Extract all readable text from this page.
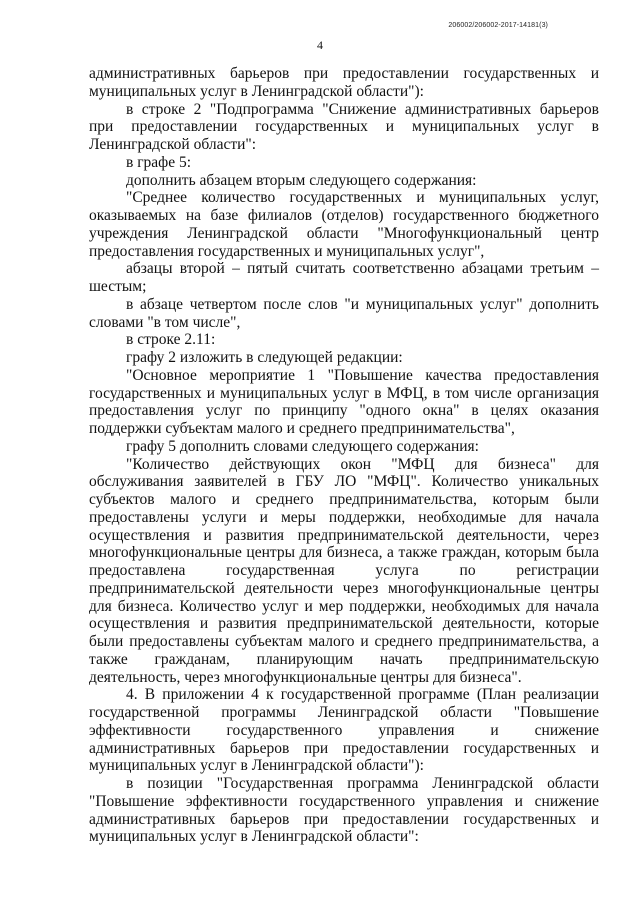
206002/206002-2017-14181(3)
4

административных барьеров при предоставлении государственных и муниципальных услуг в Ленинградской области"):

в строке 2 "Подпрограмма "Снижение административных барьеров при предоставлении государственных и муниципальных услуг в Ленинградской области":

в графе 5:

дополнить абзацем вторым следующего содержания:

"Среднее количество государственных и муниципальных услуг, оказываемых на базе филиалов (отделов) государственного бюджетного учреждения Ленинградской области "Многофункциональный центр предоставления государственных и муниципальных услуг",

абзацы второй – пятый считать соответственно абзацами третьим – шестым;

в абзаце четвертом после слов "и муниципальных услуг" дополнить словами "в том числе",

в строке 2.11:

графу 2 изложить в следующей редакции:

"Основное мероприятие 1 "Повышение качества предоставления государственных и муниципальных услуг в МФЦ, в том числе организация предоставления услуг по принципу "одного окна" в целях оказания поддержки субъектам малого и среднего предпринимательства",

графу 5 дополнить словами следующего содержания:

"Количество действующих окон "МФЦ для бизнеса" для обслуживания заявителей в ГБУ ЛО "МФЦ". Количество уникальных субъектов малого и среднего предпринимательства, которым были предоставлены услуги и меры поддержки, необходимые для начала осуществления и развития предпринимательской деятельности, через многофункциональные центры для бизнеса, а также граждан, которым была предоставлена государственная услуга по регистрации предпринимательской деятельности через многофункциональные центры для бизнеса. Количество услуг и мер поддержки, необходимых для начала осуществления и развития предпринимательской деятельности, которые были предоставлены субъектам малого и среднего предпринимательства, а также гражданам, планирующим начать предпринимательскую деятельность, через многофункциональные центры для бизнеса".

4. В приложении 4 к государственной программе (План реализации государственной программы Ленинградской области "Повышение эффективности государственного управления и снижение административных барьеров при предоставлении государственных и муниципальных услуг в Ленинградской области"):

в позиции "Государственная программа Ленинградской области "Повышение эффективности государственного управления и снижение административных барьеров при предоставлении государственных и муниципальных услуг в Ленинградской области":
